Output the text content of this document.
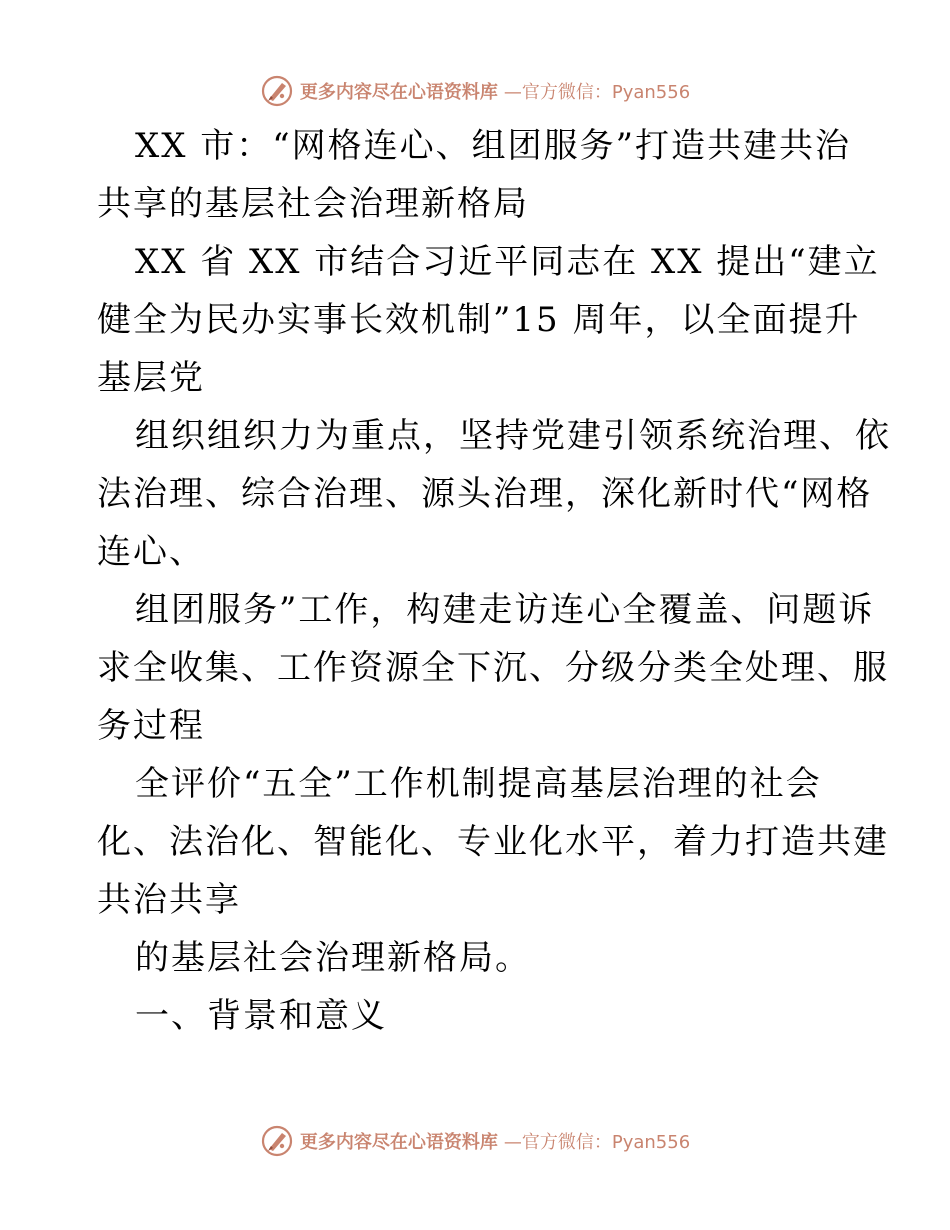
更多内容尽在心语资料库 —官方微信：Pyan556
XX 市：“网格连心、组团服务”打造共建共治
共享的基层社会治理新格局
XX 省 XX 市结合习近平同志在 XX 提出“建立
健全为民办实事长效机制”15 周年，以全面提升
基层党
组织组织力为重点，坚持党建引领系统治理、依
法治理、综合治理、源头治理，深化新时代“网格
连心、
组团服务”工作，构建走访连心全覆盖、问题诉
求全收集、工作资源全下沉、分级分类全处理、服
务过程
全评价“五全”工作机制提高基层治理的社会
化、法治化、智能化、专业化水平，着力打造共建
共治共享
的基层社会治理新格局。
一、背景和意义
更多内容尽在心语资料库 —官方微信：Pyan556
